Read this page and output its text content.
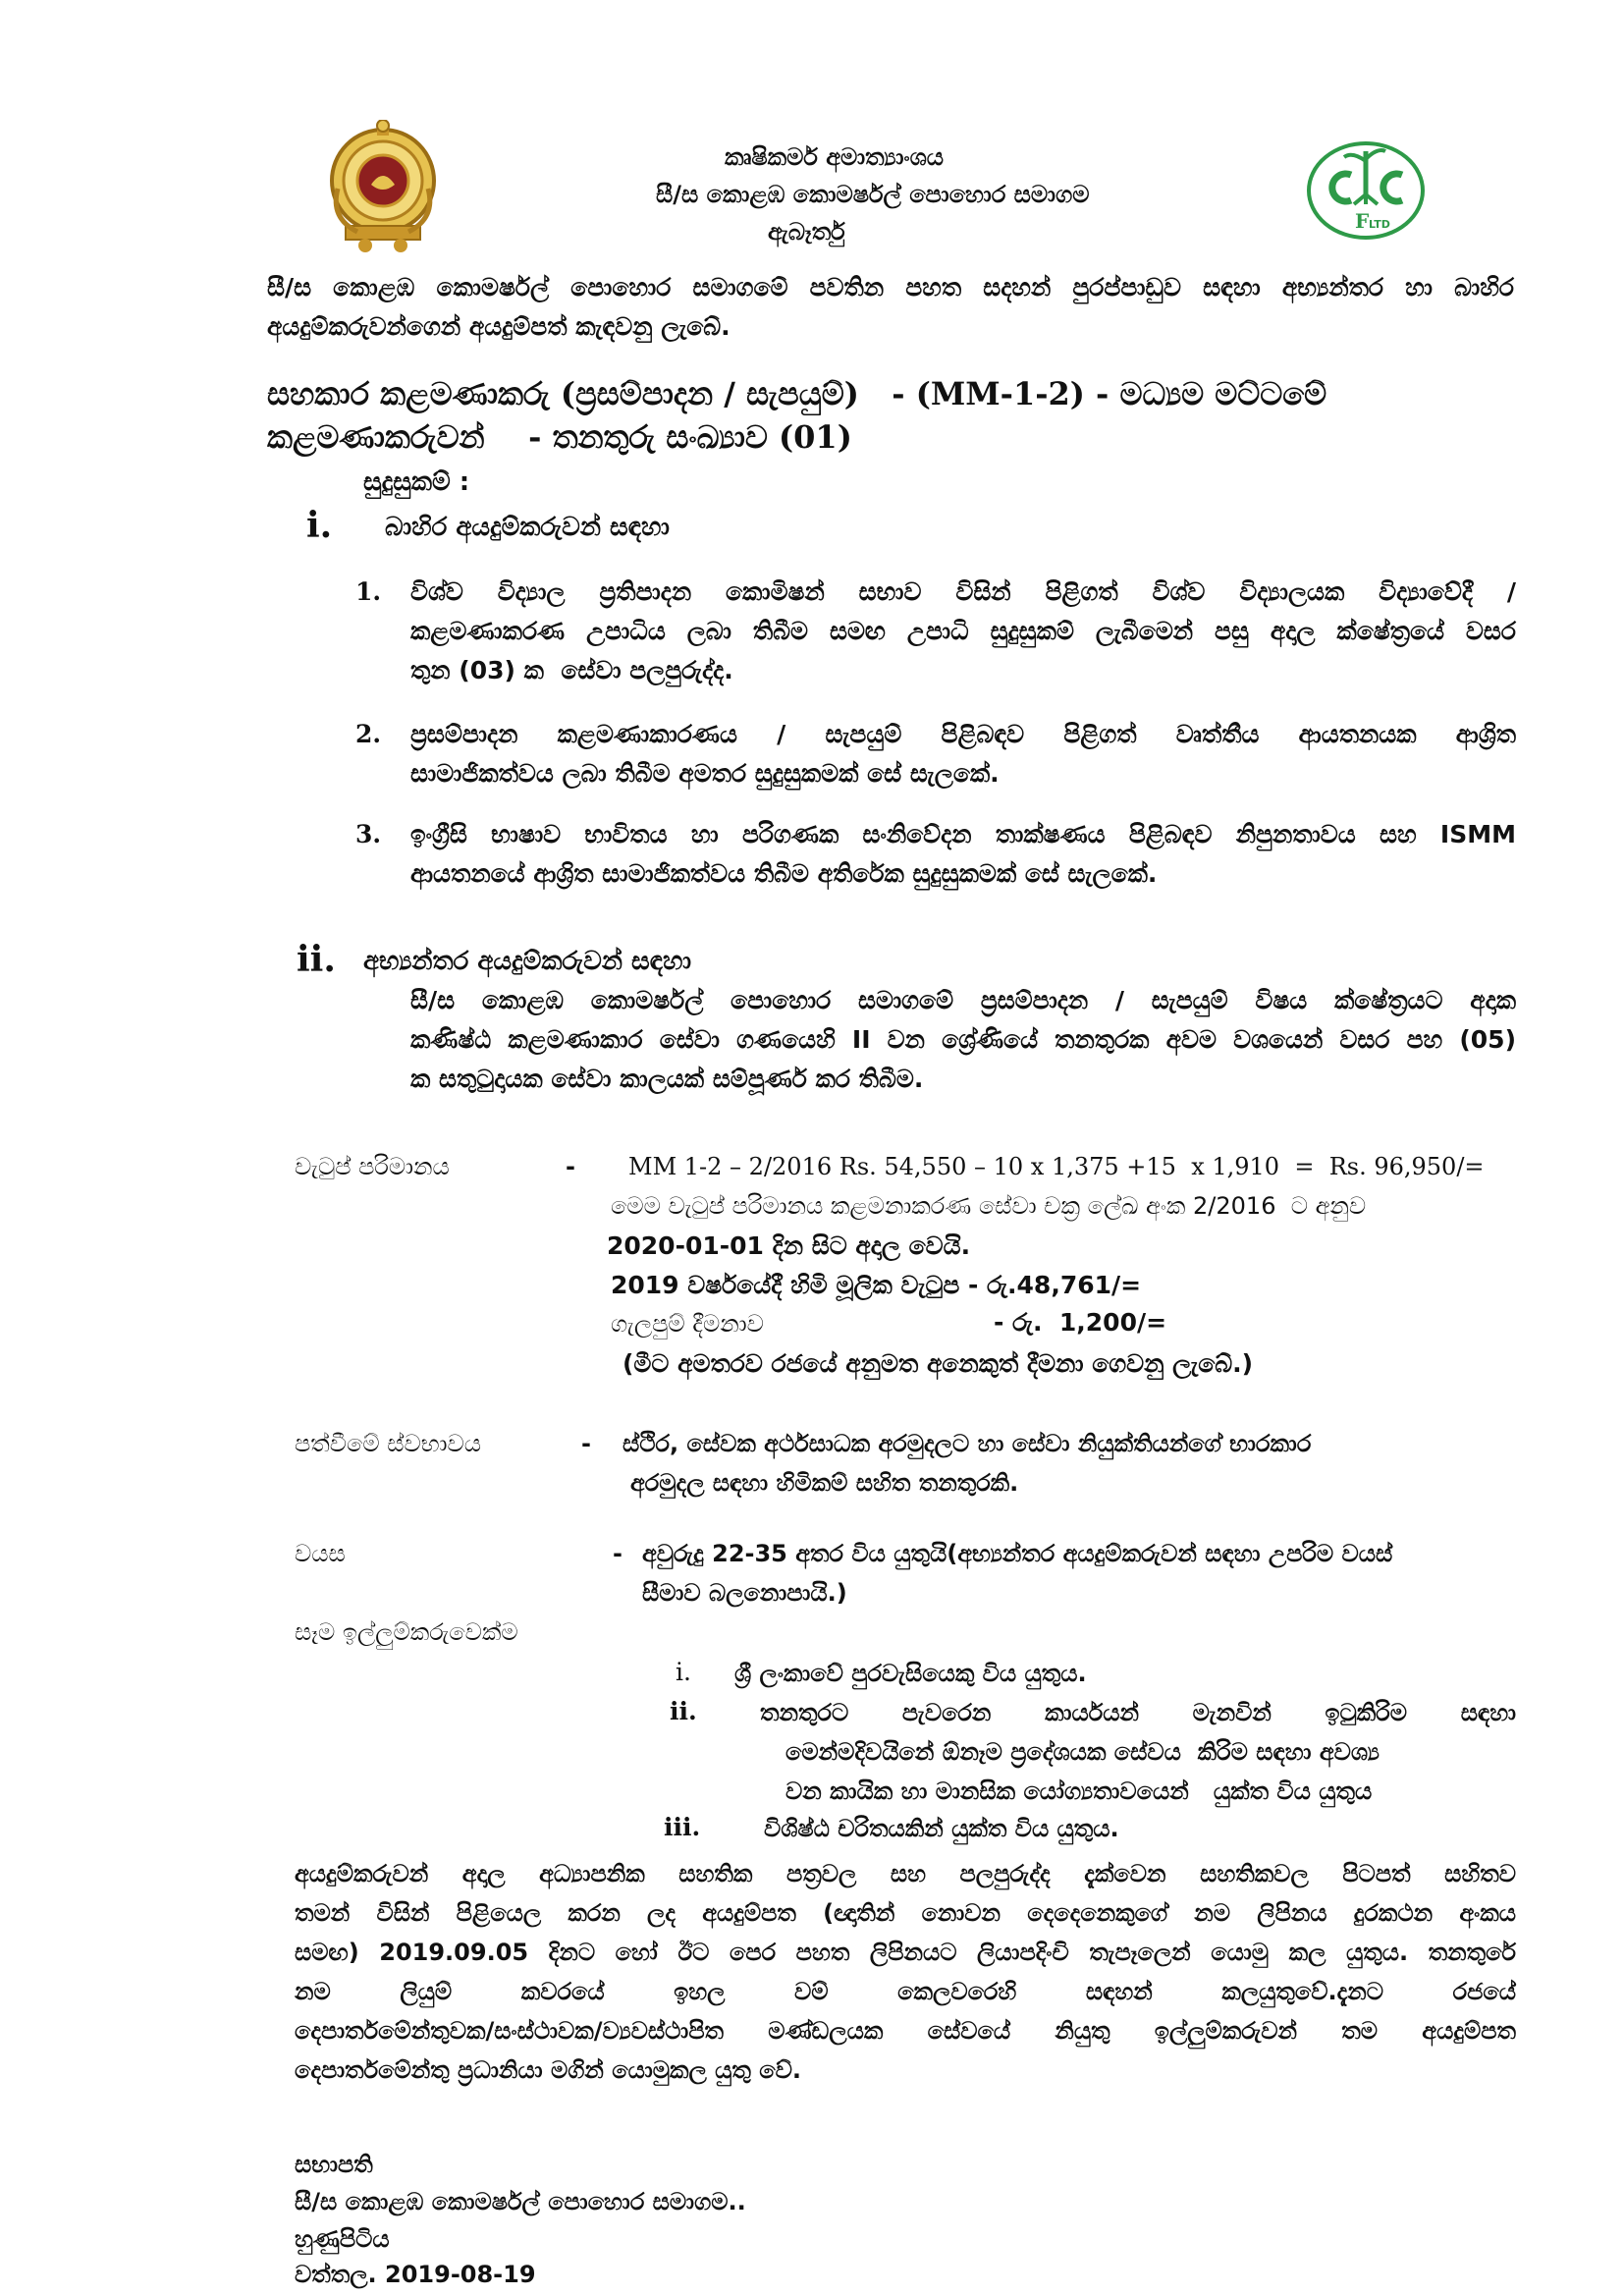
කෘෂිකර්ම අමාත්‍යාංශය
සී/ස කොළඹ කොමර්ෂල් පොහොර සමාගම
ඇබෑර්තු	F LTD
සී/ස කොළඹ කොමර්ෂල් පොහොර සමාගමේ පවතින පහත සදහන් පුරප්පාඩුව සඳහා අභ්‍යන්තර හා බාහිර
අයදුම්කරුවන්ගෙන් අයදුම්පත් කැඳවනු ලැබේ.
සහකාර කළමණාකරු (ප්‍රසම්පාදන / සැපයුම්)   - (MM-1-2) - මධ්‍යම මට්ටමේ
කළමණාකරුවන්    - තනතුරු සංඛ්‍යාව (01)
සුදුසුකම් :
i. බාහිර අයදුම්කරුවන් සඳහා
1. විශ්ව විද්‍යාල ප්‍රතිපාදන කොමිෂන් සභාව විසින් පිළිගත් විශ්ව විද්‍යාලයක විද්‍යාවේදී /
කළමණාකරණ උපාධිය ලබා තිබීම සමඟ උපාධි සුදුසුකම් ලැබීමෙන් පසු අදාල ක්ෂේත්‍රයේ වසර
තුන (03) ක  සේවා පලපුරුද්ද.
2. ප්‍රසම්පාදන කළමණාකාරණය / සැපයුම් පිළිබඳව පිළිගත් වෘත්තීය ආයතනයක ආශ්‍රිත
සාමාජිකත්වය ලබා තිබීම අමතර සුදුසුකමක් සේ සැලකේ.
3. ඉංග්‍රීසි භාෂාව භාවිතය හා පරිගණක සංනිවේදන තාක්ෂණය පිළිබඳව නිපුනතාවය සහ ISMM
ආයතනයේ ආශ්‍රිත සාමාජිකත්වය තිබීම අතිරේක සුදුසුකමක් සේ සැලකේ.
ii. අභ්‍යන්තර අයදුම්කරුවන් සඳහා
සී/ස කොළඹ කොමර්ෂල් පොහොර සමාගමේ ප්‍රසම්පාදන / සැපයුම් විෂය ක්ෂේත්‍රයට අදාක
කණිෂ්ඨ කළමණාකාර සේවා ගණයෙහි II වන ශ්‍රේණියේ තනතුරක අවම වශයෙන් වසර පහ (05)
ක සතුටුදායක සේවා කාලයක් සම්පූර්ණ කර තිබීම.
වැටුප් පරිමානය	- MM 1-2 – 2/2016 Rs. 54,550 – 10 x 1,375 +15  x 1,910  =  Rs. 96,950/=
මෙම වැටුප් පරිමානය කළමනාකරණ සේවා චක්‍ර ලේඛ අංක 2/2016  ට අනුව
2020-01-01 දින සිට අදාල වෙයි.
2019 වර්ෂයේදී හිමි මූලික වැටුප - රු.48,761/=
ගැලපුම් දීමනාව	- රු.  1,200/=
(මීට අමතරව රජයේ අනුමත අනෙකුත් දීමනා ගෙවනු ලැබේ.)
පත්වීමේ ස්වභාවය	- ස්ථිර, සේවක අර්ථසාධක අරමුදලට හා සේවා නියුක්තියන්ගේ භාරකාර
අරමුදල සඳහා හිමිකම් සහිත තනතුරකි.
වයස	- අවුරුදු 22-35 අතර විය යුතුයි(අභ්‍යන්තර අයදුම්කරුවන් සඳහා උපරිම වයස්
සීමාව බලනොපායි.)
සෑම ඉල්ලුම්කරුවෙක්ම
i. ශ්‍රී ලංකාවේ පුරවැසියෙකු විය යුතුය.
ii.	තනතුරට පැවරෙන කාර්යයන් මැනවින් ඉටුකිරිම සඳහා
මෙන්මදිවයිනේ ඕනෑම ප්‍රදේශයක සේවය  කිරිම සඳහා අවශ්‍ය
වන කායික හා මානසික යෝග්‍යතාවයෙන්   යුක්ත විය යුතුය
iii.	විශිෂ්ඨ චරිතයකින් යුක්ත විය යුතුය.
අයදුම්කරුවන් අදාල අධ්‍යාපනික සහතික පත්‍රවල සහ පලපුරුද්ද දැක්වෙන සහතිකවල පිටපත් සහිතව
තමන් විසින් පිළියෙල කරන ලද අයදුම්පත (ඥාතින් නොවන දෙදෙනෙකුගේ නම ලිපිනය දුරකථන අංකය
සමඟ) 2019.09.05 දිනට හෝ ඊට පෙර පහත ලිපිනයට ලියාපදිංචි තැපෑලෙන් යොමු කල යුතුය. තනතුරේ
නම ලියුම් කවරයේ ඉහල වම් කෙලවරෙහි සඳහන් කලයුතුවේ.දැනට රජයේ
දෙපාර්තමේන්තුවක/සංස්ථාවක/ව්‍යවස්ථාපිත මණ්ඩලයක සේවයේ නියුතු ඉල්ලුම්කරුවන් තම අයදුම්පත
දෙපාර්තමේන්තු ප්‍රධානියා මගින් යොමුකල යුතු වේ.
සභාපති
සී/ස කොළඹ කොමර්ෂල් පොහොර සමාගම..
හුණුපිටිය
වත්තල. 2019-08-19
